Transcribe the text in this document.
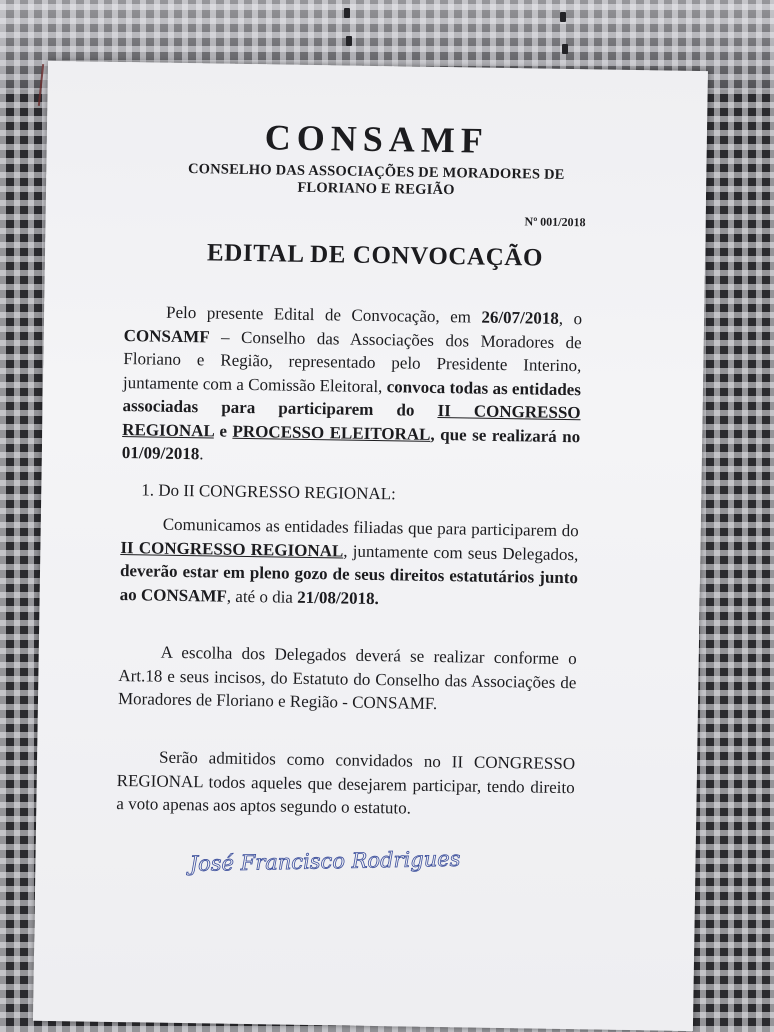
CONSAMF
CONSELHO DAS ASSOCIAÇÕES DE MORADORES DE
FLORIANO E REGIÃO
Nº 001/2018
EDITAL DE CONVOCAÇÃO
Pelo presente Edital de Convocação, em 26/07/2018, o CONSAMF – Conselho das Associações dos Moradores de Floriano e Região, representado pelo Presidente Interino, juntamente com a Comissão Eleitoral, convoca todas as entidades associadas para participarem do II CONGRESSO REGIONAL e PROCESSO ELEITORAL, que se realizará no 01/09/2018.
1. Do II CONGRESSO REGIONAL:
Comunicamos as entidades filiadas que para participarem do II CONGRESSO REGIONAL, juntamente com seus Delegados, deverão estar em pleno gozo de seus direitos estatutários junto ao CONSAMF, até o dia 21/08/2018.
A escolha dos Delegados deverá se realizar conforme o Art.18 e seus incisos, do Estatuto do Conselho das Associações de Moradores de Floriano e Região - CONSAMF.
Serão admitidos como convidados no II CONGRESSO REGIONAL todos aqueles que desejarem participar, tendo direito a voto apenas aos aptos segundo o estatuto.
José Francisco Rodrigues
